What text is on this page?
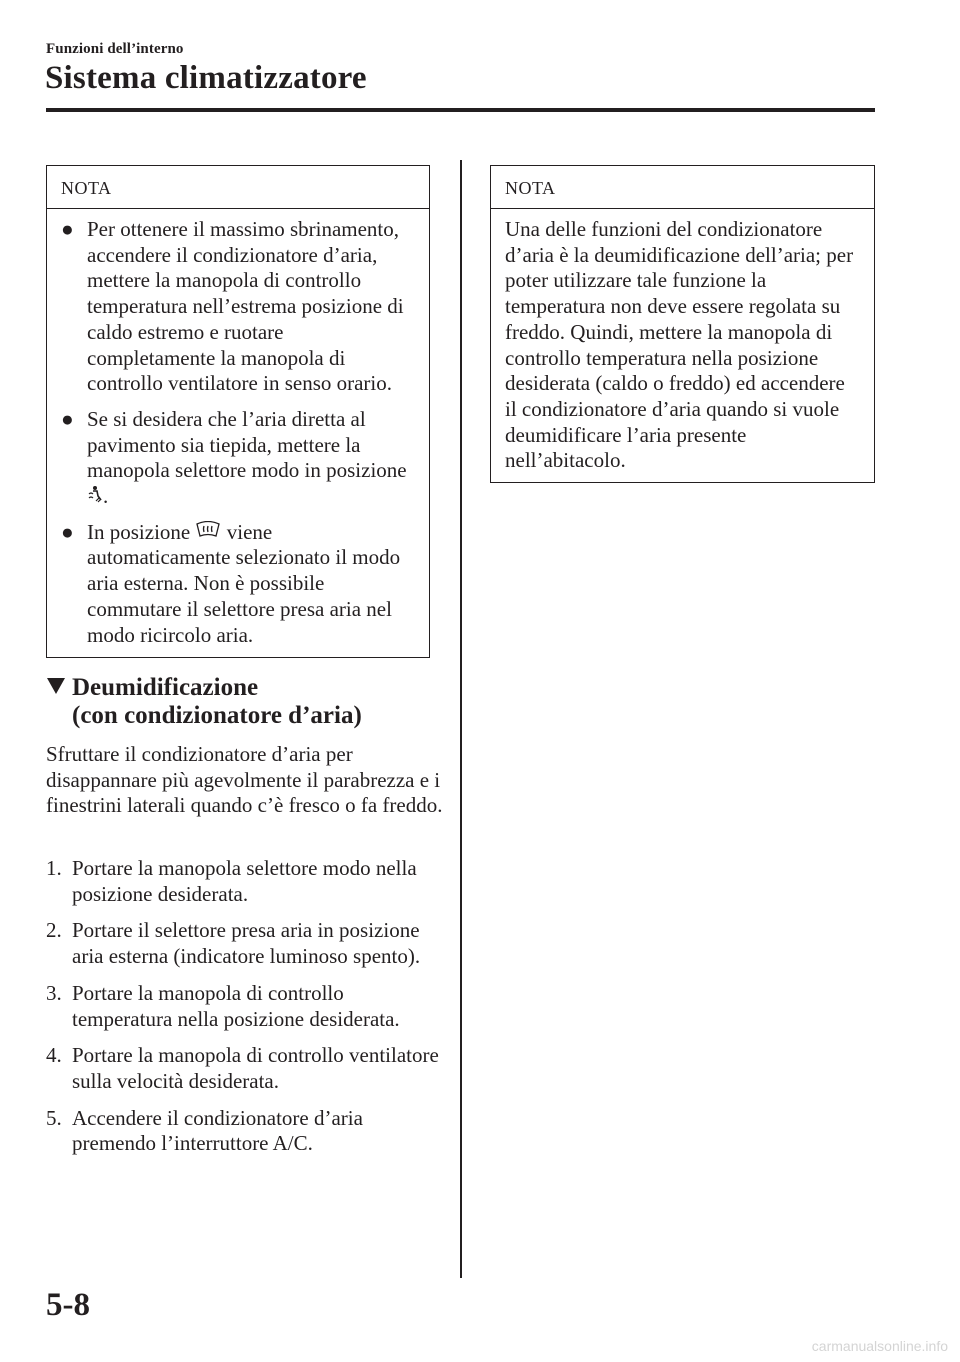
Funzioni dell’interno
Sistema climatizzatore
NOTA
● Per ottenere il massimo sbrinamento, accendere il condizionatore d’aria, mettere la manopola di controllo temperatura nell’estrema posizione di caldo estremo e ruotare completamente la manopola di controllo ventilatore in senso orario.
● Se si desidera che l’aria diretta al pavimento sia tiepida, mettere la manopola selettore modo in posizione .
● In posizione  viene automaticamente selezionato il modo aria esterna. Non è possibile commutare il selettore presa aria nel modo ricircolo aria.
Deumidificazione
(con condizionatore d’aria)

Sfruttare il condizionatore d’aria per disappannare più agevolmente il parabrezza e i finestrini laterali quando c’è fresco o fa freddo.

1. Portare la manopola selettore modo nella posizione desiderata.
2. Portare il selettore presa aria in posizione aria esterna (indicatore luminoso spento).
3. Portare la manopola di controllo temperatura nella posizione desiderata.
4. Portare la manopola di controllo ventilatore sulla velocità desiderata.
5. Accendere il condizionatore d’aria premendo l’interruttore A/C.
NOTA

Una delle funzioni del condizionatore d’aria è la deumidificazione dell’aria; per poter utilizzare tale funzione la temperatura non deve essere regolata su freddo. Quindi, mettere la manopola di controllo temperatura nella posizione desiderata (caldo o freddo) ed accendere il condizionatore d’aria quando si vuole deumidificare l’aria presente nell’abitacolo.

5-8
carmanualsonline.info
